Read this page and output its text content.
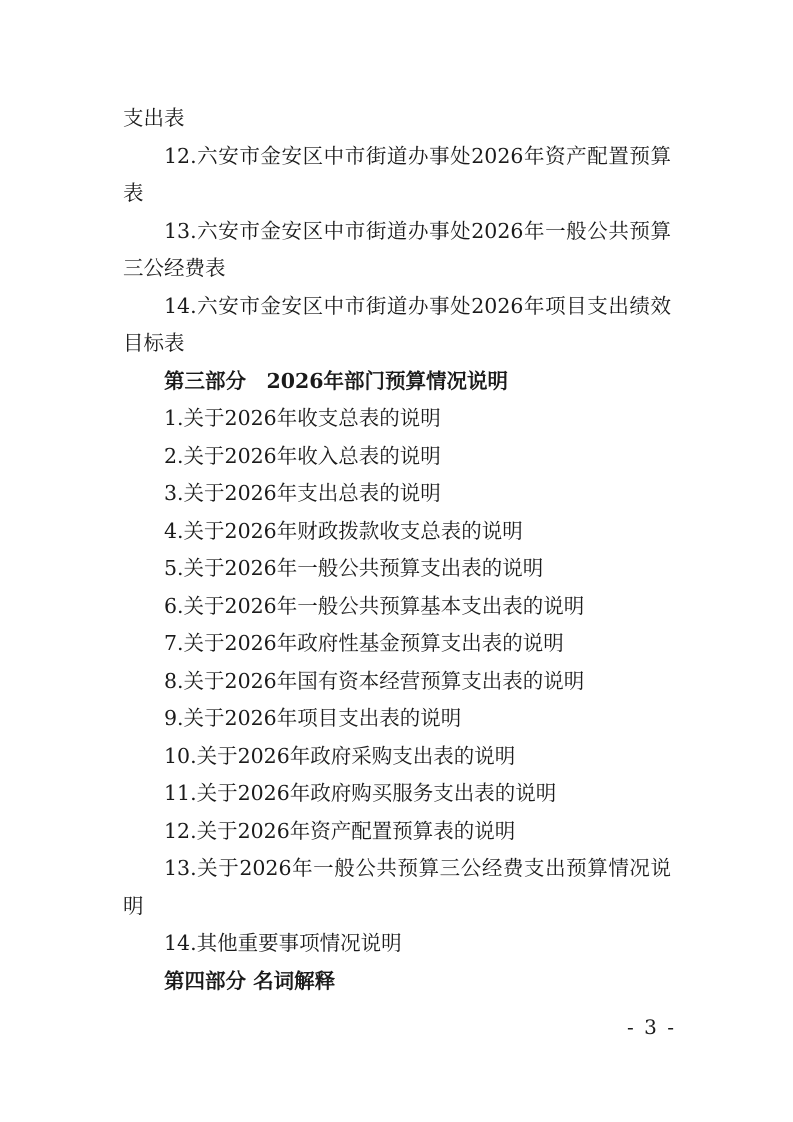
支出表
12.六安市金安区中市街道办事处2026年资产配置预算
表
13.六安市金安区中市街道办事处2026年一般公共预算
三公经费表
14.六安市金安区中市街道办事处2026年项目支出绩效
目标表
第三部分　2026年部门预算情况说明
1.关于2026年收支总表的说明
2.关于2026年收入总表的说明
3.关于2026年支出总表的说明
4.关于2026年财政拨款收支总表的说明
5.关于2026年一般公共预算支出表的说明
6.关于2026年一般公共预算基本支出表的说明
7.关于2026年政府性基金预算支出表的说明
8.关于2026年国有资本经营预算支出表的说明
9.关于2026年项目支出表的说明
10.关于2026年政府采购支出表的说明
11.关于2026年政府购买服务支出表的说明
12.关于2026年资产配置预算表的说明
13.关于2026年一般公共预算三公经费支出预算情况说
明
14.其他重要事项情况说明
第四部分 名词解释
- 3 -
